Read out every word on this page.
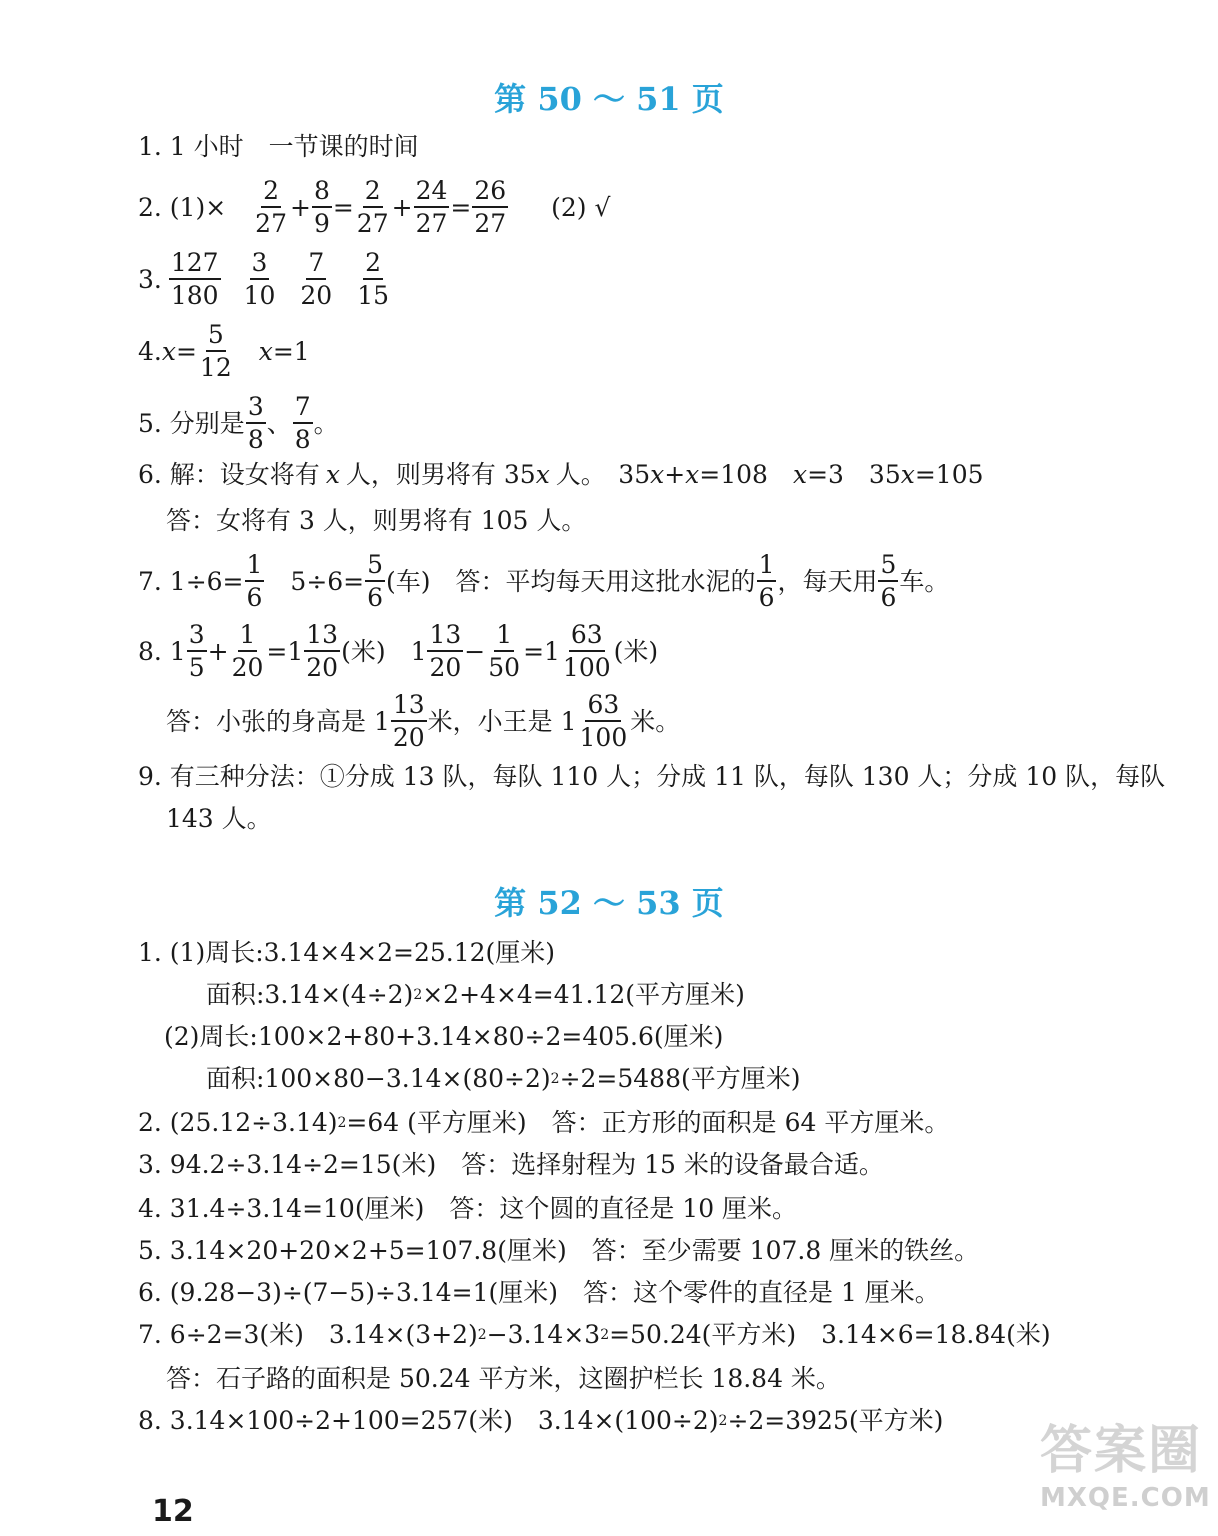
第 50 ～ 51 页
1. 1 小时　一节课的时间
2. $(1)\times \frac{2}{27} + \frac{8}{9} = \frac{2}{27} + \frac{24}{27} = \frac{26}{27} (2)$ √
3. $\frac{127}{180} \frac{3}{10} \frac{7}{20} \frac{2}{15}$
4. $x = \frac{5}{12}$ x =1
5. 分别是 $\frac{3}{8}$ 、 $\frac{7}{8}$ 。
6. 解：设女将有 x 人，则男将有 35 x 人。　35 x + x =108　 x =3　35 x =105
答：女将有 3 人，则男将有 105 人。
7. $1\div 6= \frac{1}{6}$ 　$5\div 6= \frac{5}{6}$ (车)　答：平均每天用这批水泥的 $\frac{1}{6}$ ，每天用 $\frac{5}{6}$ 车。
8. $1 \frac{3}{5} + \frac{1}{20} =1 \frac{13}{20}$ (米)　$1 \frac{13}{20} - \frac{1}{50} =1 \frac{63}{100}$ (米)
答：小张的身高是 $1 \frac{13}{20}$ 米，小王是 $1 \frac{63}{100}$ 米。
9. 有三种分法：①分成 13 队，每队 110 人；分成 11 队，每队 130 人；分成 10 队，每队
143 人。
第 52 ～ 53 页
1. (1)周长:3.14×4×2=25.12(厘米)
面积:3.14×(4÷2) 2 ×2+4×4=41.12(平方厘米)
(2)周长:100×2+80+3.14×80÷2=405.6(厘米)
面积:100×80−3.14×(80÷2) 2 ÷2=5488(平方厘米)
2. (25.12÷3.14) 2 =64 (平方厘米)　答：正方形的面积是 64 平方厘米。
3. 94.2÷3.14÷2=15(米)　答：选择射程为 15 米的设备最合适。
4. 31.4÷3.14=10(厘米)　答：这个圆的直径是 10 厘米。
5. 3.14×20+20×2+5=107.8(厘米)　答：至少需要 107.8 厘米的铁丝。
6. (9.28−3)÷(7−5)÷3.14=1(厘米)　答：这个零件的直径是 1 厘米。
7. 6÷2=3(米)　3.14×(3+2) 2 −3.14×3 2 =50.24(平方米)　3.14×6=18.84(米)
答：石子路的面积是 50.24 平方米，这圈护栏长 18.84 米。
8. 3.14×100÷2+100=257(米)　3.14×(100÷2) 2 ÷2=3925(平方米)
12
答案圈
MXQE.COM
